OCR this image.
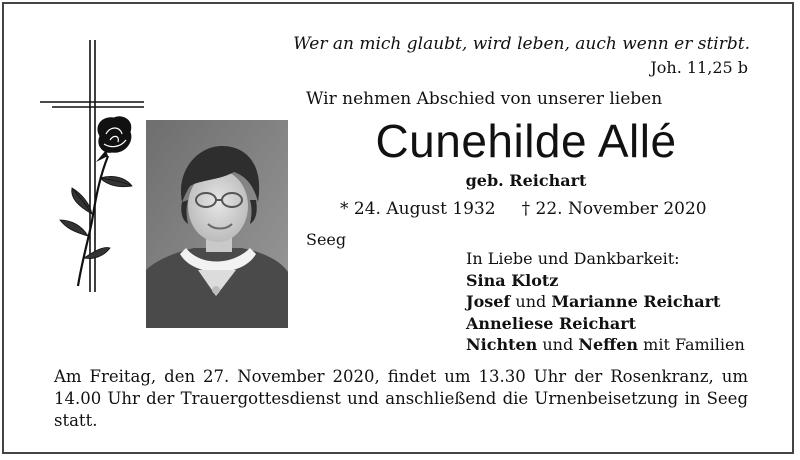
Wer an mich glaubt, wird leben, auch wenn er stirbt.
Joh. 11,25 b
Wir nehmen Abschied von unserer lieben
Cunehilde Allé
geb. Reichart
* 24. August 1932 † 22. November 2020
Seeg
In Liebe und Dankbarkeit:
Sina Klotz
Josef und Marianne Reichart
Anneliese Reichart
Nichten und Neffen mit Familien
Am Freitag, den 27. November 2020, findet um 13.30 Uhr der Rosenkranz, um 14.00 Uhr der Trauergottesdienst und anschließend die Urnenbeisetzung in Seeg statt.
